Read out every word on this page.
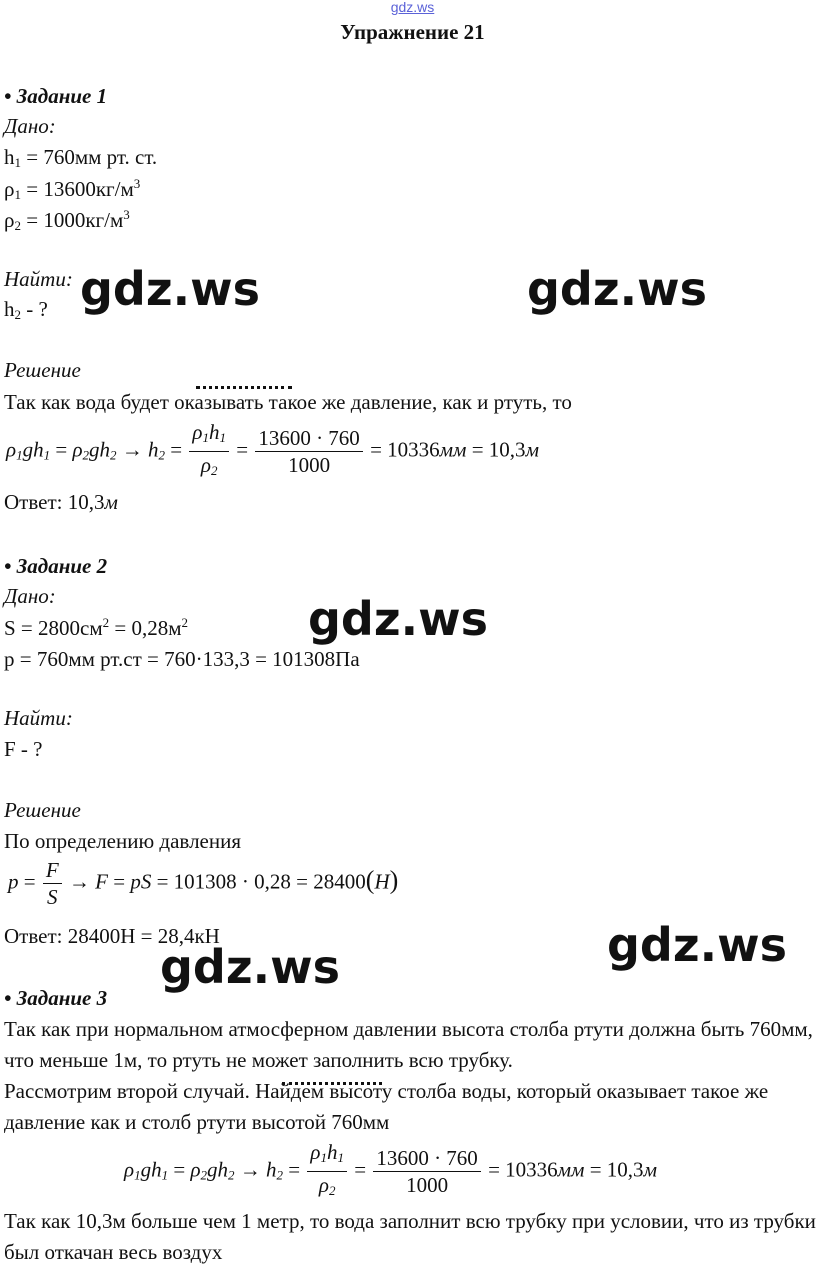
gdz.ws
Упражнение 21
gdz.ws	gdz.ws
gdz.ws
gdz.ws
gdz.ws
• Задание 1
Дано:
$h_1 = 760мм$ рт. ст.
$\rho_1 = 13600кг/м^3$
$\rho_2 = 1000кг/м^3$
Найти:
$h_2$ - ?
Решение
Так как вода будет оказывать такое же давление, как и ртуть, то
$\rho_1gh_1 = \rho_2gh_2 \to h_2 = \frac{\rho_1h_1}{\rho_2} = \frac{13600 \cdot 760}{1000} = 10336мм = 10,3м$
Ответ: 10,3м
• Задание 2
Дано:
$S = 2800см^2 = 0,28м^2$
p = 760мм рт.ст = 760·133,3 = 101308Па
Найти:
F - ?
Решение
По определению давления
$p = \frac{F}{S} \to F$ = pS = 101308 · 0,28 = 28400(H)
Ответ: 28400Н = 28,4кН
• Задание 3
Так как при нормальном атмосферном давлении высота столба ртути должна быть 760мм, что меньше 1м, то ртуть не может заполнить всю трубку.
Рассмотрим второй случай. Найдем высоту столба воды, который оказывает такое же давление как и столб ртути высотой 760мм
$\rho_1gh_1 = \rho_2gh_2 \to h_2 = \frac{\rho_1h_1}{\rho_2} = \frac{13600 \cdot 760}{1000} = 10336мм = 10,3м$
Так как 10,3м больше чем 1 метр, то вода заполнит всю трубку при условии, что из трубки был откачан весь воздух
